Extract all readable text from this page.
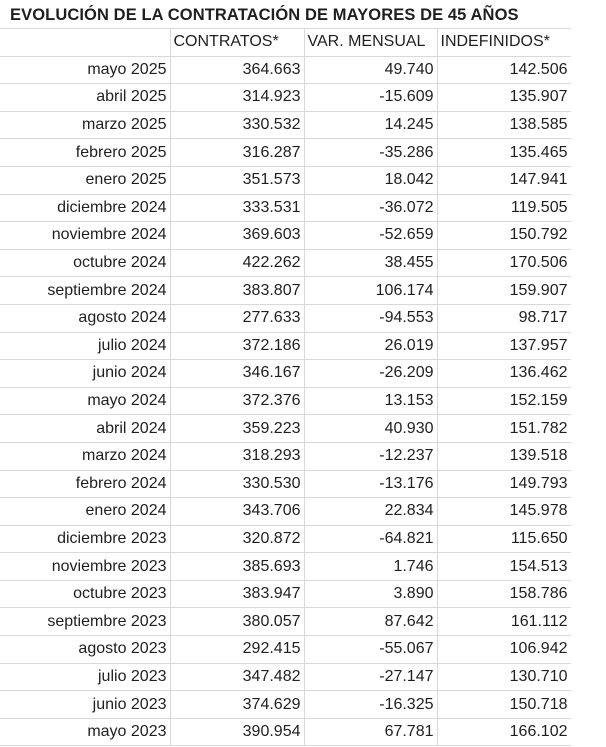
EVOLUCIÓN DE LA CONTRATACIÓN DE MAYORES DE 45 AÑOS
	CONTRATOS*	VAR. MENSUAL	INDEFINIDOS*
mayo 2025	364.663	49.740	142.506
abril 2025	314.923	-15.609	135.907
marzo 2025	330.532	14.245	138.585
febrero 2025	316.287	-35.286	135.465
enero 2025	351.573	18.042	147.941
diciembre 2024	333.531	-36.072	119.505
noviembre 2024	369.603	-52.659	150.792
octubre 2024	422.262	38.455	170.506
septiembre 2024	383.807	106.174	159.907
agosto 2024	277.633	-94.553	98.717
julio 2024	372.186	26.019	137.957
junio 2024	346.167	-26.209	136.462
mayo 2024	372.376	13.153	152.159
abril 2024	359.223	40.930	151.782
marzo 2024	318.293	-12.237	139.518
febrero 2024	330.530	-13.176	149.793
enero 2024	343.706	22.834	145.978
diciembre 2023	320.872	-64.821	115.650
noviembre 2023	385.693	1.746	154.513
octubre 2023	383.947	3.890	158.786
septiembre 2023	380.057	87.642	161.112
agosto 2023	292.415	-55.067	106.942
julio 2023	347.482	-27.147	130.710
junio 2023	374.629	-16.325	150.718
mayo 2023	390.954	67.781	166.102
